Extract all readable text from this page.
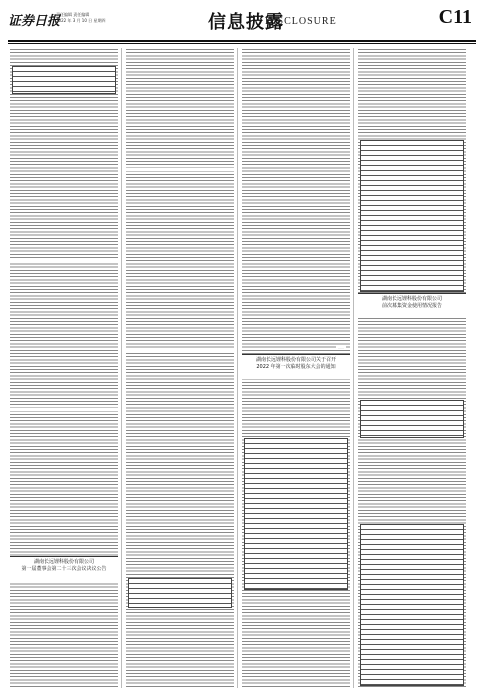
证券日报
责任编辑 责任编辑
2022 年 3 月 10 日 星期四	信息披露
DISCLOSURE	C11
湖南长远锂科股份有限公司
第一届董事会第二十三次会议决议公告
······
湖南长远锂科股份有限公司关于召开
2022 年第一次临时股东大会的通知
湖南长远锂科股份有限公司
前次募集资金使用情况报告
